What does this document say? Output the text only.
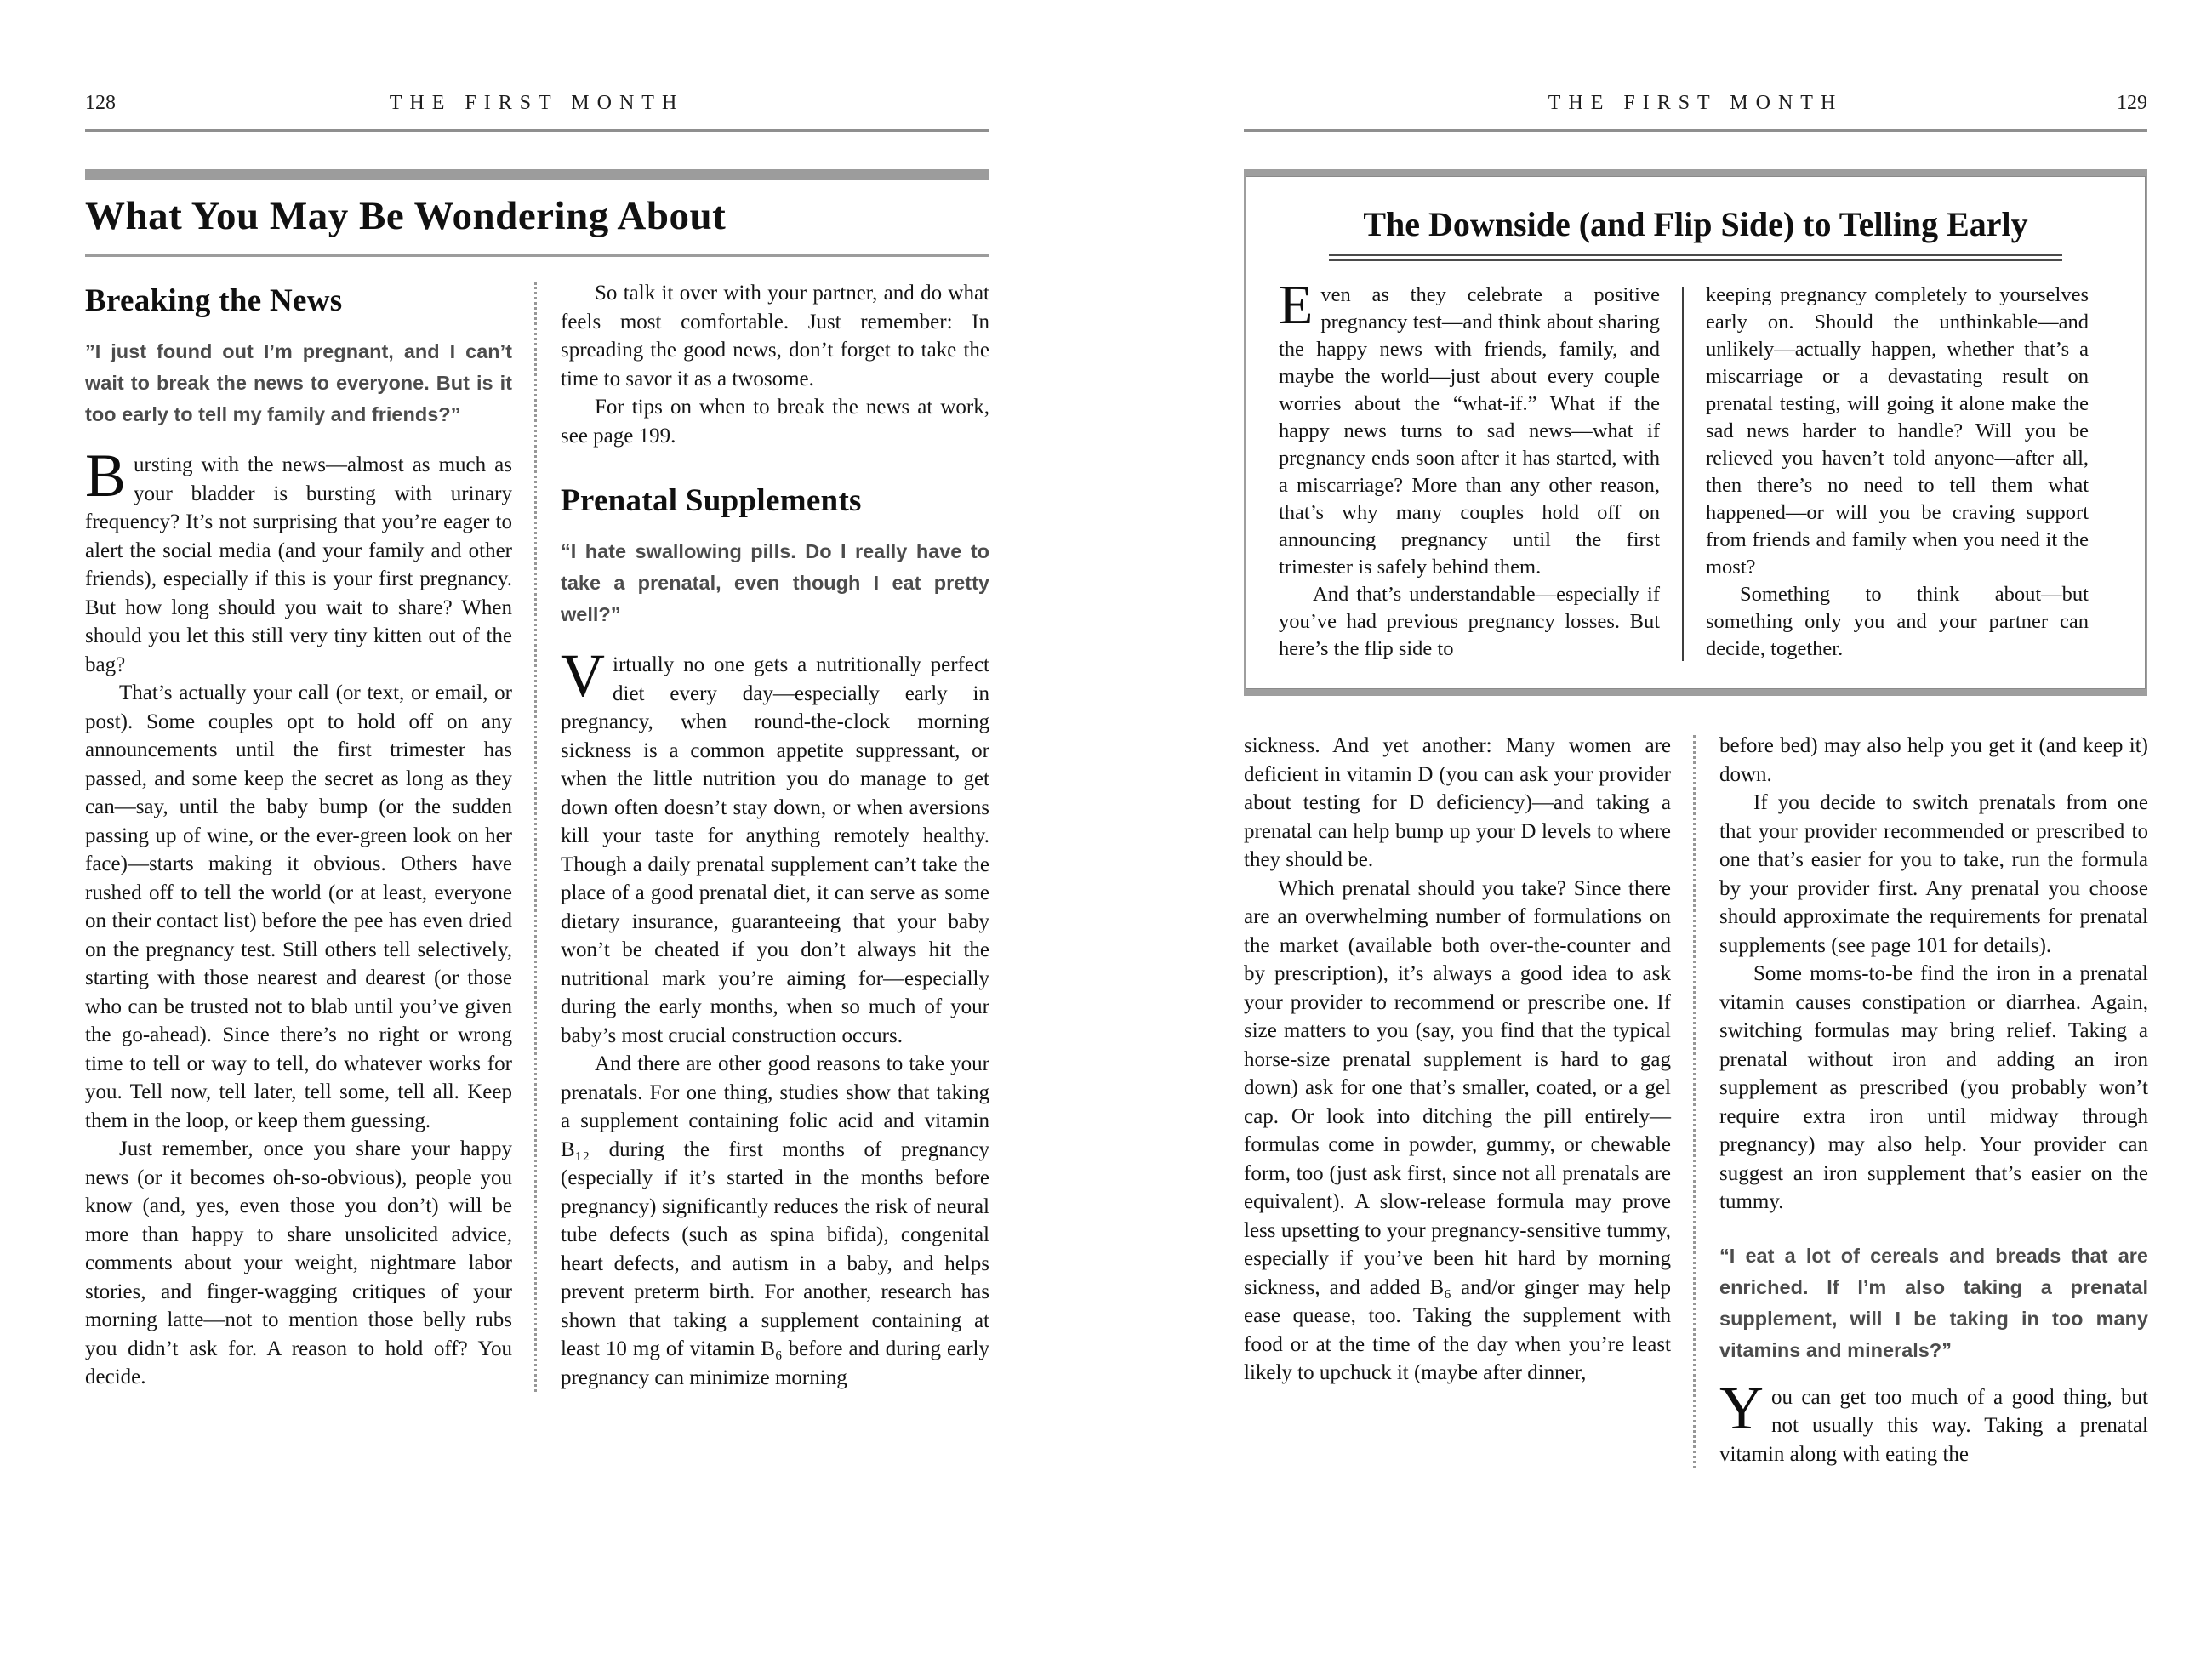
128	THE FIRST MONTH
What You May Be Wondering About
Breaking the News
”I just found out I’m pregnant, and I can’t wait to break the news to everyone. But is it too early to tell my family and friends?”

Bursting with the news—almost as much as your bladder is bursting with urinary frequency? It’s not surprising that you’re eager to alert the social media (and your family and other friends), especially if this is your first pregnancy. But how long should you wait to share? When should you let this still very tiny kitten out of the bag?

That’s actually your call (or text, or email, or post). Some couples opt to hold off on any announcements until the first trimester has passed, and some keep the secret as long as they can—say, until the baby bump (or the sudden passing up of wine, or the ever-green look on her face)—starts making it obvious. Others have rushed off to tell the world (or at least, everyone on their contact list) before the pee has even dried on the pregnancy test. Still others tell selectively, starting with those nearest and dearest (or those who can be trusted not to blab until you’ve given the go-ahead). Since there’s no right or wrong time to tell or way to tell, do whatever works for you. Tell now, tell later, tell some, tell all. Keep them in the loop, or keep them guessing.

Just remember, once you share your happy news (or it becomes oh-so-obvious), people you know (and, yes, even those you don’t) will be more than happy to share unsolicited advice, comments about your weight, nightmare labor stories, and finger-wagging critiques of your morning latte—not to mention those belly rubs you didn’t ask for. A reason to hold off? You decide.

So talk it over with your partner, and do what feels most comfortable. Just remember: In spreading the good news, don’t forget to take the time to savor it as a twosome.

For tips on when to break the news at work, see page 199.

Prenatal Supplements
“I hate swallowing pills. Do I really have to take a prenatal, even though I eat pretty well?”

Virtually no one gets a nutritionally perfect diet every day—especially early in pregnancy, when round-the-clock morning sickness is a common appetite suppressant, or when the little nutrition you do manage to get down often doesn’t stay down, or when aversions kill your taste for anything remotely healthy. Though a daily prenatal supplement can’t take the place of a good prenatal diet, it can serve as some dietary insurance, guaranteeing that your baby won’t be cheated if you don’t always hit the nutritional mark you’re aiming for—especially during the early months, when so much of your baby’s most crucial construction occurs.

And there are other good reasons to take your prenatals. For one thing, studies show that taking a supplement containing folic acid and vitamin B₁₂ during the first months of pregnancy (especially if it’s started in the months before pregnancy) significantly reduces the risk of neural tube defects (such as spina bifida), congenital heart defects, and autism in a baby, and helps prevent preterm birth. For another, research has shown that taking a supplement containing at least 10 mg of vitamin B₆ before and during early pregnancy can minimize morning

THE FIRST MONTH	129
The Downside (and Flip Side) to Telling Early

Even as they celebrate a positive pregnancy test—and think about sharing the happy news with friends, family, and maybe the world—just about every couple worries about the “what-if.” What if the happy news turns to sad news—what if pregnancy ends soon after it has started, with a miscarriage? More than any other reason, that’s why many couples hold off on announcing pregnancy until the first trimester is safely behind them.

And that’s understandable—especially if you’ve had previous pregnancy losses. But here’s the flip side to

keeping pregnancy completely to yourselves early on. Should the unthinkable—and unlikely—actually happen, whether that’s a miscarriage or a devastating result on prenatal testing, will going it alone make the sad news harder to handle? Will you be relieved you haven’t told anyone—after all, then there’s no need to tell them what happened—or will you be craving support from friends and family when you need it the most?

Something to think about—but something only you and your partner can decide, together.

sickness. And yet another: Many women are deficient in vitamin D (you can ask your provider about testing for D deficiency)—and taking a prenatal can help bump up your D levels to where they should be.

Which prenatal should you take? Since there are an overwhelming number of formulations on the market (available both over-the-counter and by prescription), it’s always a good idea to ask your provider to recommend or prescribe one. If size matters to you (say, you find that the typical horse-size prenatal supplement is hard to gag down) ask for one that’s smaller, coated, or a gel cap. Or look into ditching the pill entirely—formulas come in powder, gummy, or chewable form, too (just ask first, since not all prenatals are equivalent). A slow-release formula may prove less upsetting to your pregnancy-sensitive tummy, especially if you’ve been hit hard by morning sickness, and added B₆ and/or ginger may help ease quease, too. Taking the supplement with food or at the time of the day when you’re least likely to upchuck it (maybe after dinner,

before bed) may also help you get it (and keep it) down.

If you decide to switch prenatals from one that your provider recommended or prescribed to one that’s easier for you to take, run the formula by your provider first. Any prenatal you choose should approximate the requirements for prenatal supplements (see page 101 for details).

Some moms-to-be find the iron in a prenatal vitamin causes constipation or diarrhea. Again, switching formulas may bring relief. Taking a prenatal without iron and adding an iron supplement as prescribed (you probably won’t require extra iron until midway through pregnancy) may also help. Your provider can suggest an iron supplement that’s easier on the tummy.

“I eat a lot of cereals and breads that are enriched. If I’m also taking a prenatal supplement, will I be taking in too many vitamins and minerals?”

You can get too much of a good thing, but not usually this way. Taking a prenatal vitamin along with eating the
